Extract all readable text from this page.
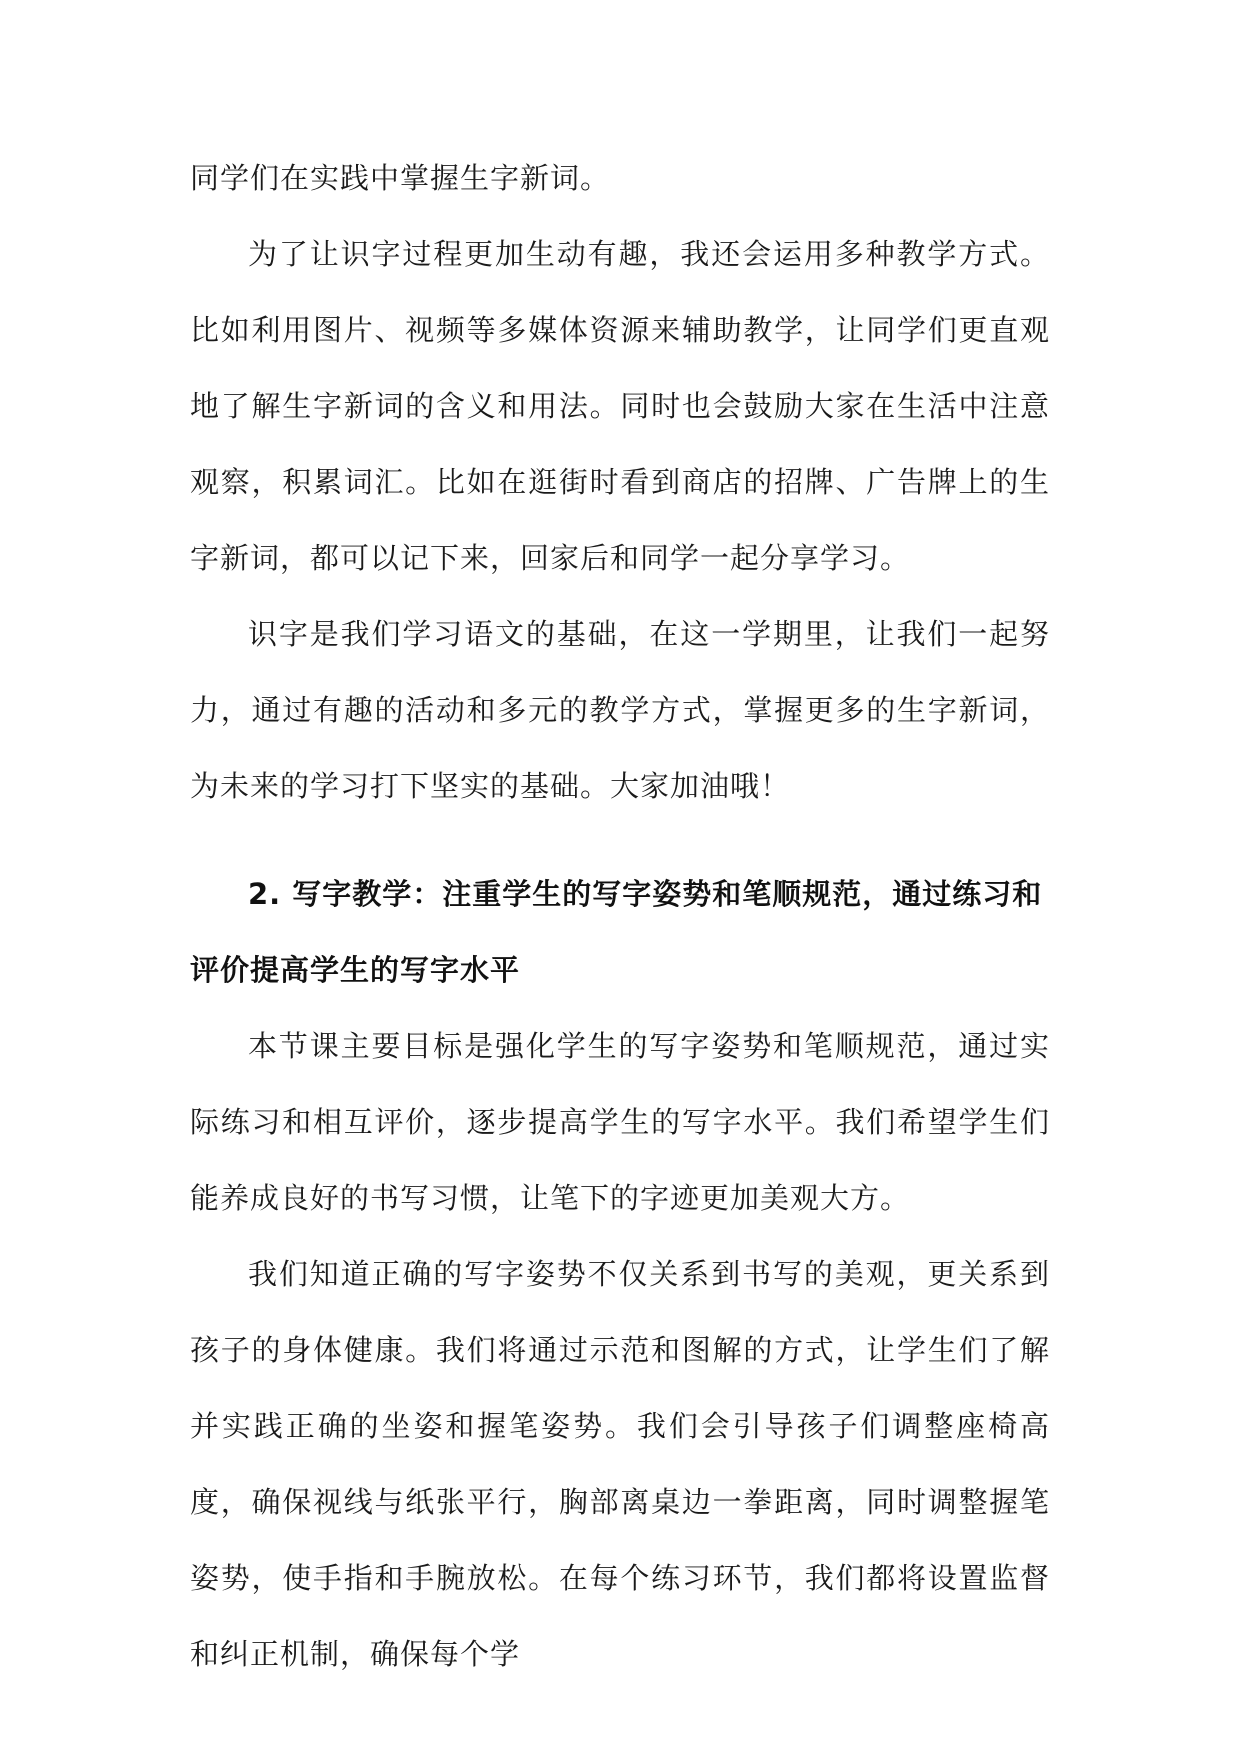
同学们在实践中掌握生字新词。

为了让识字过程更加生动有趣，我还会运用多种教学方式。比如利用图片、视频等多媒体资源来辅助教学，让同学们更直观地了解生字新词的含义和用法。同时也会鼓励大家在生活中注意观察，积累词汇。比如在逛街时看到商店的招牌、广告牌上的生字新词，都可以记下来，回家后和同学一起分享学习。

识字是我们学习语文的基础，在这一学期里，让我们一起努力，通过有趣的活动和多元的教学方式，掌握更多的生字新词，为未来的学习打下坚实的基础。大家加油哦！

2. 写字教学：注重学生的写字姿势和笔顺规范，通过练习和评价提高学生的写字水平

本节课主要目标是强化学生的写字姿势和笔顺规范，通过实际练习和相互评价，逐步提高学生的写字水平。我们希望学生们能养成良好的书写习惯，让笔下的字迹更加美观大方。

我们知道正确的写字姿势不仅关系到书写的美观，更关系到孩子的身体健康。我们将通过示范和图解的方式，让学生们了解并实践正确的坐姿和握笔姿势。我们会引导孩子们调整座椅高度，确保视线与纸张平行，胸部离桌边一拳距离，同时调整握笔姿势，使手指和手腕放松。在每个练习环节，我们都将设置监督和纠正机制，确保每个学
